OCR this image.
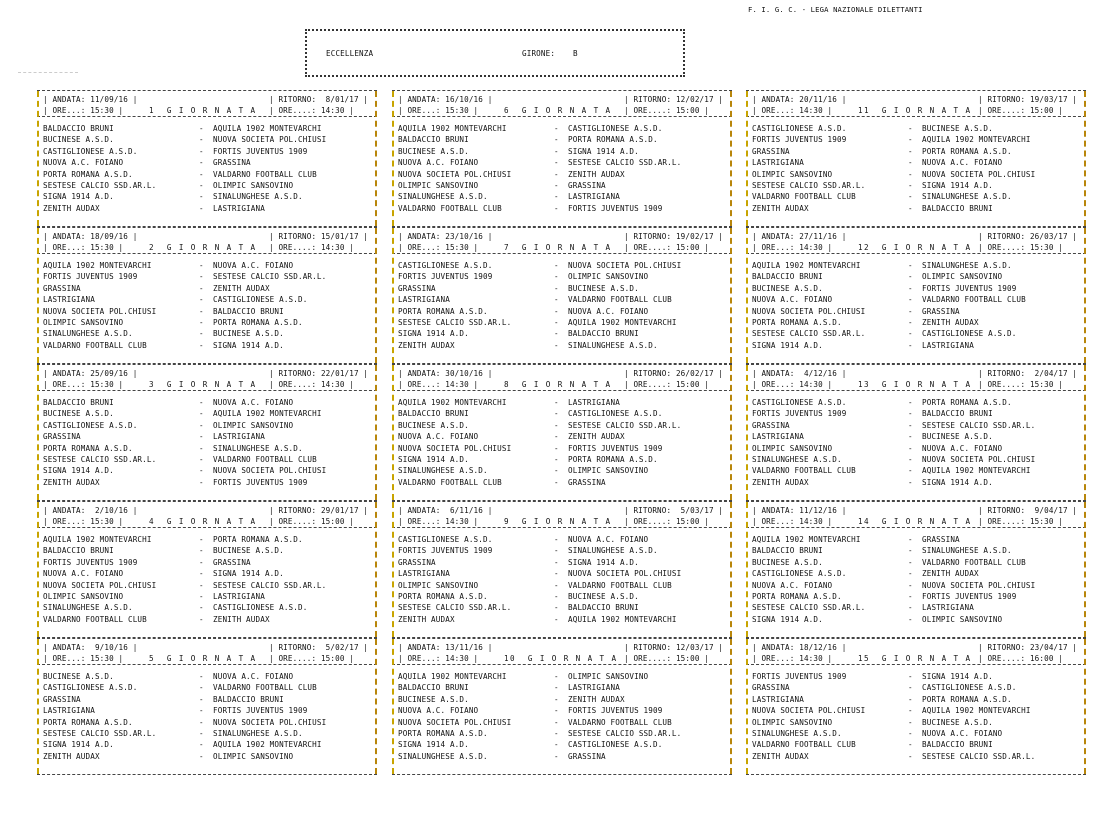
F. I. G. C. - LEGA NAZIONALE DILETTANTI
ECCELLENZA	GIRONE: B
| ANDATA: 11/09/16 |
| ORE...: 15:30 |	1  G I O R N A T A
| RITORNO:  8/01/17 |
| ORE....: 14:30 |
BALDACCIO BRUNI	- AQUILA 1902 MONTEVARCHI
BUCINESE A.S.D.	- NUOVA SOCIETA POL.CHIUSI
CASTIGLIONESE A.S.D.	- FORTIS JUVENTUS 1909
NUOVA A.C. FOIANO	- GRASSINA
PORTA ROMANA A.S.D.	- VALDARNO FOOTBALL CLUB
SESTESE CALCIO SSD.AR.L.	- OLIMPIC SANSOVINO
SIGNA 1914 A.D.	- SINALUNGHESE A.S.D.
ZENITH AUDAX	- LASTRIGIANA
| ANDATA: 18/09/16 |
| ORE...: 15:30 |	2  G I O R N A T A
| RITORNO: 15/01/17 |
| ORE....: 14:30 |
AQUILA 1902 MONTEVARCHI	- NUOVA A.C. FOIANO
FORTIS JUVENTUS 1909	- SESTESE CALCIO SSD.AR.L.
GRASSINA	- ZENITH AUDAX
LASTRIGIANA	- CASTIGLIONESE A.S.D.
NUOVA SOCIETA POL.CHIUSI	- BALDACCIO BRUNI
OLIMPIC SANSOVINO	- PORTA ROMANA A.S.D.
SINALUNGHESE A.S.D.	- BUCINESE A.S.D.
VALDARNO FOOTBALL CLUB	- SIGNA 1914 A.D.
| ANDATA: 25/09/16 |
| ORE...: 15:30 |	3  G I O R N A T A
| RITORNO: 22/01/17 |
| ORE....: 14:30 |
BALDACCIO BRUNI	- NUOVA A.C. FOIANO
BUCINESE A.S.D.	- AQUILA 1902 MONTEVARCHI
CASTIGLIONESE A.S.D.	- OLIMPIC SANSOVINO
GRASSINA	- LASTRIGIANA
PORTA ROMANA A.S.D.	- SINALUNGHESE A.S.D.
SESTESE CALCIO SSD.AR.L.	- VALDARNO FOOTBALL CLUB
SIGNA 1914 A.D.	- NUOVA SOCIETA POL.CHIUSI
ZENITH AUDAX	- FORTIS JUVENTUS 1909
| ANDATA:  2/10/16 |
| ORE...: 15:30 |	4  G I O R N A T A
| RITORNO: 29/01/17 |
| ORE....: 15:00 |
AQUILA 1902 MONTEVARCHI	- PORTA ROMANA A.S.D.
BALDACCIO BRUNI	- BUCINESE A.S.D.
FORTIS JUVENTUS 1909	- GRASSINA
NUOVA A.C. FOIANO	- SIGNA 1914 A.D.
NUOVA SOCIETA POL.CHIUSI	- SESTESE CALCIO SSD.AR.L.
OLIMPIC SANSOVINO	- LASTRIGIANA
SINALUNGHESE A.S.D.	- CASTIGLIONESE A.S.D.
VALDARNO FOOTBALL CLUB	- ZENITH AUDAX
| ANDATA:  9/10/16 |
| ORE...: 15:30 |	5  G I O R N A T A
| RITORNO:  5/02/17 |
| ORE....: 15:00 |
BUCINESE A.S.D.	- NUOVA A.C. FOIANO
CASTIGLIONESE A.S.D.	- VALDARNO FOOTBALL CLUB
GRASSINA	- BALDACCIO BRUNI
LASTRIGIANA	- FORTIS JUVENTUS 1909
PORTA ROMANA A.S.D.	- NUOVA SOCIETA POL.CHIUSI
SESTESE CALCIO SSD.AR.L.	- SINALUNGHESE A.S.D.
SIGNA 1914 A.D.	- AQUILA 1902 MONTEVARCHI
ZENITH AUDAX	- OLIMPIC SANSOVINO
| ANDATA: 16/10/16 |
| ORE...: 15:30 |	6  G I O R N A T A
| RITORNO: 12/02/17 |
| ORE....: 15:00 |
AQUILA 1902 MONTEVARCHI	- CASTIGLIONESE A.S.D.
BALDACCIO BRUNI	- PORTA ROMANA A.S.D.
BUCINESE A.S.D.	- SIGNA 1914 A.D.
NUOVA A.C. FOIANO	- SESTESE CALCIO SSD.AR.L.
NUOVA SOCIETA POL.CHIUSI	- ZENITH AUDAX
OLIMPIC SANSOVINO	- GRASSINA
SINALUNGHESE A.S.D.	- LASTRIGIANA
VALDARNO FOOTBALL CLUB	- FORTIS JUVENTUS 1909
| ANDATA: 23/10/16 |
| ORE...: 15:30 |	7  G I O R N A T A
| RITORNO: 19/02/17 |
| ORE....: 15:00 |
CASTIGLIONESE A.S.D.	- NUOVA SOCIETA POL.CHIUSI
FORTIS JUVENTUS 1909	- OLIMPIC SANSOVINO
GRASSINA	- BUCINESE A.S.D.
LASTRIGIANA	- VALDARNO FOOTBALL CLUB
PORTA ROMANA A.S.D.	- NUOVA A.C. FOIANO
SESTESE CALCIO SSD.AR.L.	- AQUILA 1902 MONTEVARCHI
SIGNA 1914 A.D.	- BALDACCIO BRUNI
ZENITH AUDAX	- SINALUNGHESE A.S.D.
| ANDATA: 30/10/16 |
| ORE...: 14:30 |	8  G I O R N A T A
| RITORNO: 26/02/17 |
| ORE....: 15:00 |
AQUILA 1902 MONTEVARCHI	- LASTRIGIANA
BALDACCIO BRUNI	- CASTIGLIONESE A.S.D.
BUCINESE A.S.D.	- SESTESE CALCIO SSD.AR.L.
NUOVA A.C. FOIANO	- ZENITH AUDAX
NUOVA SOCIETA POL.CHIUSI	- FORTIS JUVENTUS 1909
SIGNA 1914 A.D.	- PORTA ROMANA A.S.D.
SINALUNGHESE A.S.D.	- OLIMPIC SANSOVINO
VALDARNO FOOTBALL CLUB	- GRASSINA
| ANDATA:  6/11/16 |
| ORE...: 14:30 |	9  G I O R N A T A
| RITORNO:  5/03/17 |
| ORE....: 15:00 |
CASTIGLIONESE A.S.D.	- NUOVA A.C. FOIANO
FORTIS JUVENTUS 1909	- SINALUNGHESE A.S.D.
GRASSINA	- SIGNA 1914 A.D.
LASTRIGIANA	- NUOVA SOCIETA POL.CHIUSI
OLIMPIC SANSOVINO	- VALDARNO FOOTBALL CLUB
PORTA ROMANA A.S.D.	- BUCINESE A.S.D.
SESTESE CALCIO SSD.AR.L.	- BALDACCIO BRUNI
ZENITH AUDAX	- AQUILA 1902 MONTEVARCHI
| ANDATA: 13/11/16 |
| ORE...: 14:30 |	10  G I O R N A T A
| RITORNO: 12/03/17 |
| ORE....: 15:00 |
AQUILA 1902 MONTEVARCHI	- OLIMPIC SANSOVINO
BALDACCIO BRUNI	- LASTRIGIANA
BUCINESE A.S.D.	- ZENITH AUDAX
NUOVA A.C. FOIANO	- FORTIS JUVENTUS 1909
NUOVA SOCIETA POL.CHIUSI	- VALDARNO FOOTBALL CLUB
PORTA ROMANA A.S.D.	- SESTESE CALCIO SSD.AR.L.
SIGNA 1914 A.D.	- CASTIGLIONESE A.S.D.
SINALUNGHESE A.S.D.	- GRASSINA
| ANDATA: 20/11/16 |
| ORE...: 14:30 |	11  G I O R N A T A
| RITORNO: 19/03/17 |
| ORE....: 15:00 |
CASTIGLIONESE A.S.D.	- BUCINESE A.S.D.
FORTIS JUVENTUS 1909	- AQUILA 1902 MONTEVARCHI
GRASSINA	- PORTA ROMANA A.S.D.
LASTRIGIANA	- NUOVA A.C. FOIANO
OLIMPIC SANSOVINO	- NUOVA SOCIETA POL.CHIUSI
SESTESE CALCIO SSD.AR.L.	- SIGNA 1914 A.D.
VALDARNO FOOTBALL CLUB	- SINALUNGHESE A.S.D.
ZENITH AUDAX	- BALDACCIO BRUNI
| ANDATA: 27/11/16 |
| ORE...: 14:30 |	12  G I O R N A T A
| RITORNO: 26/03/17 |
| ORE....: 15:30 |
AQUILA 1902 MONTEVARCHI	- SINALUNGHESE A.S.D.
BALDACCIO BRUNI	- OLIMPIC SANSOVINO
BUCINESE A.S.D.	- FORTIS JUVENTUS 1909
NUOVA A.C. FOIANO	- VALDARNO FOOTBALL CLUB
NUOVA SOCIETA POL.CHIUSI	- GRASSINA
PORTA ROMANA A.S.D.	- ZENITH AUDAX
SESTESE CALCIO SSD.AR.L.	- CASTIGLIONESE A.S.D.
SIGNA 1914 A.D.	- LASTRIGIANA
| ANDATA:  4/12/16 |
| ORE...: 14:30 |	13  G I O R N A T A
| RITORNO:  2/04/17 |
| ORE....: 15:30 |
CASTIGLIONESE A.S.D.	- PORTA ROMANA A.S.D.
FORTIS JUVENTUS 1909	- BALDACCIO BRUNI
GRASSINA	- SESTESE CALCIO SSD.AR.L.
LASTRIGIANA	- BUCINESE A.S.D.
OLIMPIC SANSOVINO	- NUOVA A.C. FOIANO
SINALUNGHESE A.S.D.	- NUOVA SOCIETA POL.CHIUSI
VALDARNO FOOTBALL CLUB	- AQUILA 1902 MONTEVARCHI
ZENITH AUDAX	- SIGNA 1914 A.D.
| ANDATA: 11/12/16 |
| ORE...: 14:30 |	14  G I O R N A T A
| RITORNO:  9/04/17 |
| ORE....: 15:30 |
AQUILA 1902 MONTEVARCHI	- GRASSINA
BALDACCIO BRUNI	- SINALUNGHESE A.S.D.
BUCINESE A.S.D.	- VALDARNO FOOTBALL CLUB
CASTIGLIONESE A.S.D.	- ZENITH AUDAX
NUOVA A.C. FOIANO	- NUOVA SOCIETA POL.CHIUSI
PORTA ROMANA A.S.D.	- FORTIS JUVENTUS 1909
SESTESE CALCIO SSD.AR.L.	- LASTRIGIANA
SIGNA 1914 A.D.	- OLIMPIC SANSOVINO
| ANDATA: 18/12/16 |
| ORE...: 14:30 |	15  G I O R N A T A
| RITORNO: 23/04/17 |
| ORE....: 16:00 |
FORTIS JUVENTUS 1909	- SIGNA 1914 A.D.
GRASSINA	- CASTIGLIONESE A.S.D.
LASTRIGIANA	- PORTA ROMANA A.S.D.
NUOVA SOCIETA POL.CHIUSI	- AQUILA 1902 MONTEVARCHI
OLIMPIC SANSOVINO	- BUCINESE A.S.D.
SINALUNGHESE A.S.D.	- NUOVA A.C. FOIANO
VALDARNO FOOTBALL CLUB	- BALDACCIO BRUNI
ZENITH AUDAX	- SESTESE CALCIO SSD.AR.L.
